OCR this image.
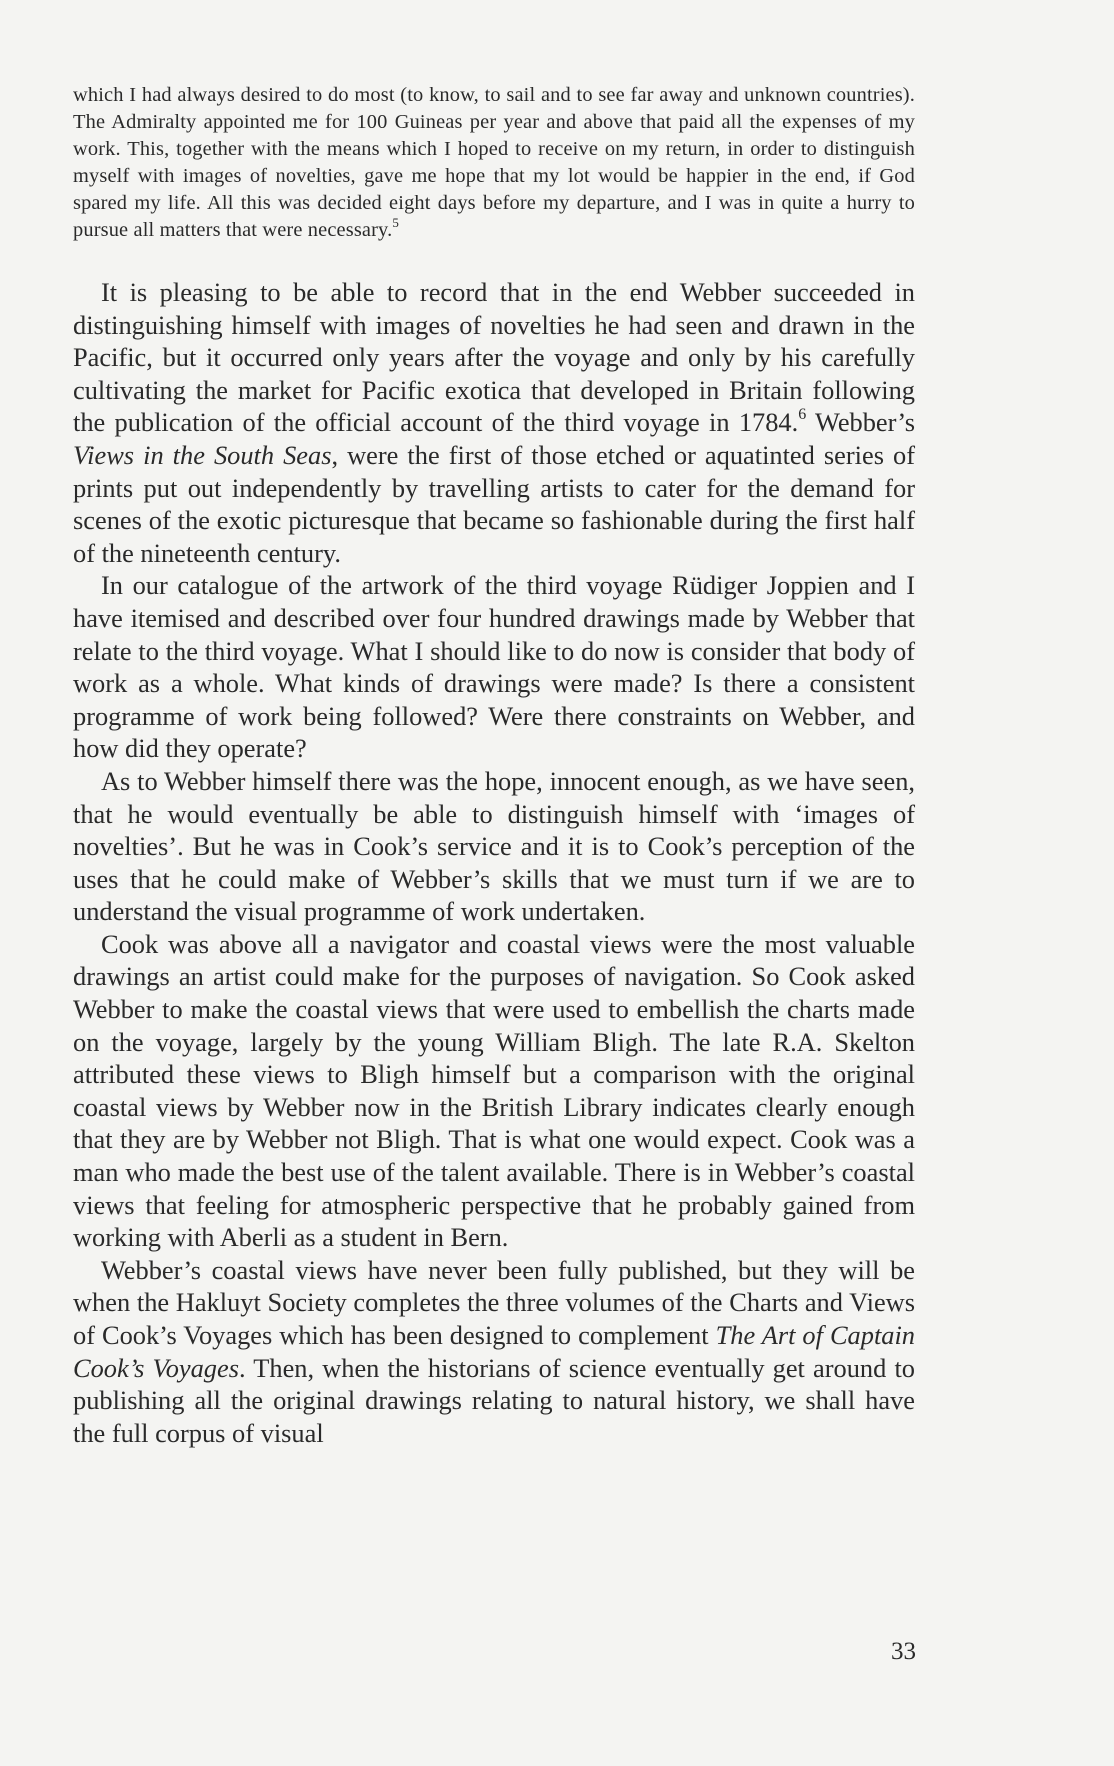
which I had always desired to do most (to know, to sail and to see far away and unknown countries). The Admiralty appointed me for 100 Guineas per year and above that paid all the expenses of my work. This, together with the means which I hoped to receive on my return, in order to distinguish myself with images of novelties, gave me hope that my lot would be happier in the end, if God spared my life. All this was decided eight days before my departure, and I was in quite a hurry to pursue all matters that were necessary.$^5$

It is pleasing to be able to record that in the end Webber succeeded in distinguishing himself with images of novelties he had seen and drawn in the Pacific, but it occurred only years after the voyage and only by his carefully cultivating the market for Pacific exotica that developed in Britain following the publication of the official account of the third voyage in 1784.$^6$ Webber’s Views in the South Seas, were the first of those etched or aquatinted series of prints put out independently by travelling artists to cater for the demand for scenes of the exotic picturesque that became so fashionable during the first half of the nineteenth century.

In our catalogue of the artwork of the third voyage Rüdiger Joppien and I have itemised and described over four hundred drawings made by Webber that relate to the third voyage. What I should like to do now is consider that body of work as a whole. What kinds of drawings were made? Is there a consistent programme of work being followed? Were there constraints on Webber, and how did they operate?

As to Webber himself there was the hope, innocent enough, as we have seen, that he would eventually be able to distinguish himself with ‘images of novelties’. But he was in Cook’s service and it is to Cook’s perception of the uses that he could make of Webber’s skills that we must turn if we are to understand the visual programme of work undertaken.

Cook was above all a navigator and coastal views were the most valuable drawings an artist could make for the purposes of navigation. So Cook asked Webber to make the coastal views that were used to embellish the charts made on the voyage, largely by the young William Bligh. The late R.A. Skelton attributed these views to Bligh himself but a comparison with the original coastal views by Webber now in the British Library indicates clearly enough that they are by Webber not Bligh. That is what one would expect. Cook was a man who made the best use of the talent available. There is in Webber’s coastal views that feeling for atmospheric perspective that he probably gained from working with Aberli as a student in Bern.

Webber’s coastal views have never been fully published, but they will be when the Hakluyt Society completes the three volumes of the Charts and Views of Cook’s Voyages which has been designed to complement The Art of Captain Cook’s Voyages. Then, when the historians of science eventually get around to publishing all the original drawings relating to natural history, we shall have the full corpus of visual

33
